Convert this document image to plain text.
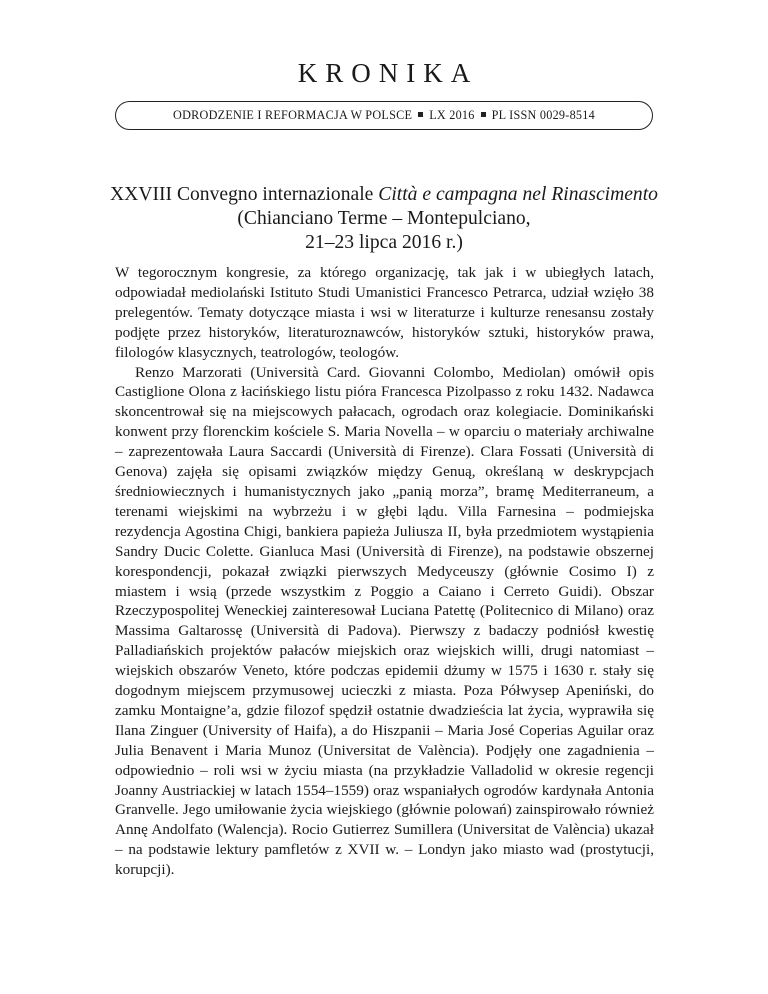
KRONIKA
ODRODZENIE I REFORMACJA W POLSCE LX 2016 PL ISSN 0029-8514
XXVIII Convegno internazionale Città e campagna nel Rinascimento (Chianciano Terme – Montepulciano,
21–23 lipca 2016 r.)

W tegorocznym kongresie, za którego organizację, tak jak i w ubiegłych latach, odpowiadał mediolański Istituto Studi Umanistici Francesco Petrarca, udział wzięło 38 prelegentów. Tematy dotyczące miasta i wsi w literaturze i kulturze renesansu zostały podjęte przez historyków, literaturoznawców, historyków sztuki, historyków prawa, filologów klasycznych, teatrologów, teologów.

Renzo Marzorati (Università Card. Giovanni Colombo, Mediolan) omówił opis Castiglione Olona z łacińskiego listu pióra Francesca Pizolpasso z roku 1432. Nadawca skoncentrował się na miejscowych pałacach, ogrodach oraz kolegiacie. Dominikański konwent przy florenckim kościele S. Maria Novella – w oparciu o materiały archiwalne – zaprezentowała Laura Saccardi (Università di Firenze). Clara Fossati (Università di Genova) zajęła się opisami związków między Genuą, określaną w deskrypcjach średniowiecznych i humanistycznych jako „panią morza”, bramę Mediterraneum, a terenami wiejskimi na wybrzeżu i w głębi lądu. Villa Farnesina – podmiejska rezydencja Agostina Chigi, bankiera papieża Juliusza II, była przedmiotem wystąpienia Sandry Ducic Colette. Gianluca Masi (Università di Firenze), na podstawie obszernej korespondencji, pokazał związki pierwszych Medyceuszy (głównie Cosimo I) z miastem i wsią (przede wszystkim z Poggio a Caiano i Cerreto Guidi). Obszar Rzeczypospolitej Weneckiej zainteresował Luciana Patettę (Politecnico di Milano) oraz Massima Galtarossę (Università di Padova). Pierwszy z badaczy podniósł kwestię Palladiańskich projektów pałaców miejskich oraz wiejskich willi, drugi natomiast – wiejskich obszarów Veneto, które podczas epidemii dżumy w 1575 i 1630 r. stały się dogodnym miejscem przymusowej ucieczki z miasta. Poza Półwysep Apeniński, do zamku Montaigne’a, gdzie filozof spędził ostatnie dwadzieścia lat życia, wyprawiła się Ilana Zinguer (University of Haifa), a do Hiszpanii – Maria José Coperias Aguilar oraz Julia Benavent i Maria Munoz (Universitat de València). Podjęły one zagadnienia – odpowiednio – roli wsi w życiu miasta (na przykładzie Valladolid w okresie regencji Joanny Austriackiej w latach 1554–1559) oraz wspaniałych ogrodów kardynała Antonia Granvelle. Jego umiłowanie życia wiejskiego (głównie polowań) zainspirowało również Annę Andolfato (Walencja). Rocio Gutierrez Sumillera (Universitat de València) ukazał – na podstawie lektury pamfletów z XVII w. – Londyn jako miasto wad (prostytucji, korupcji).
